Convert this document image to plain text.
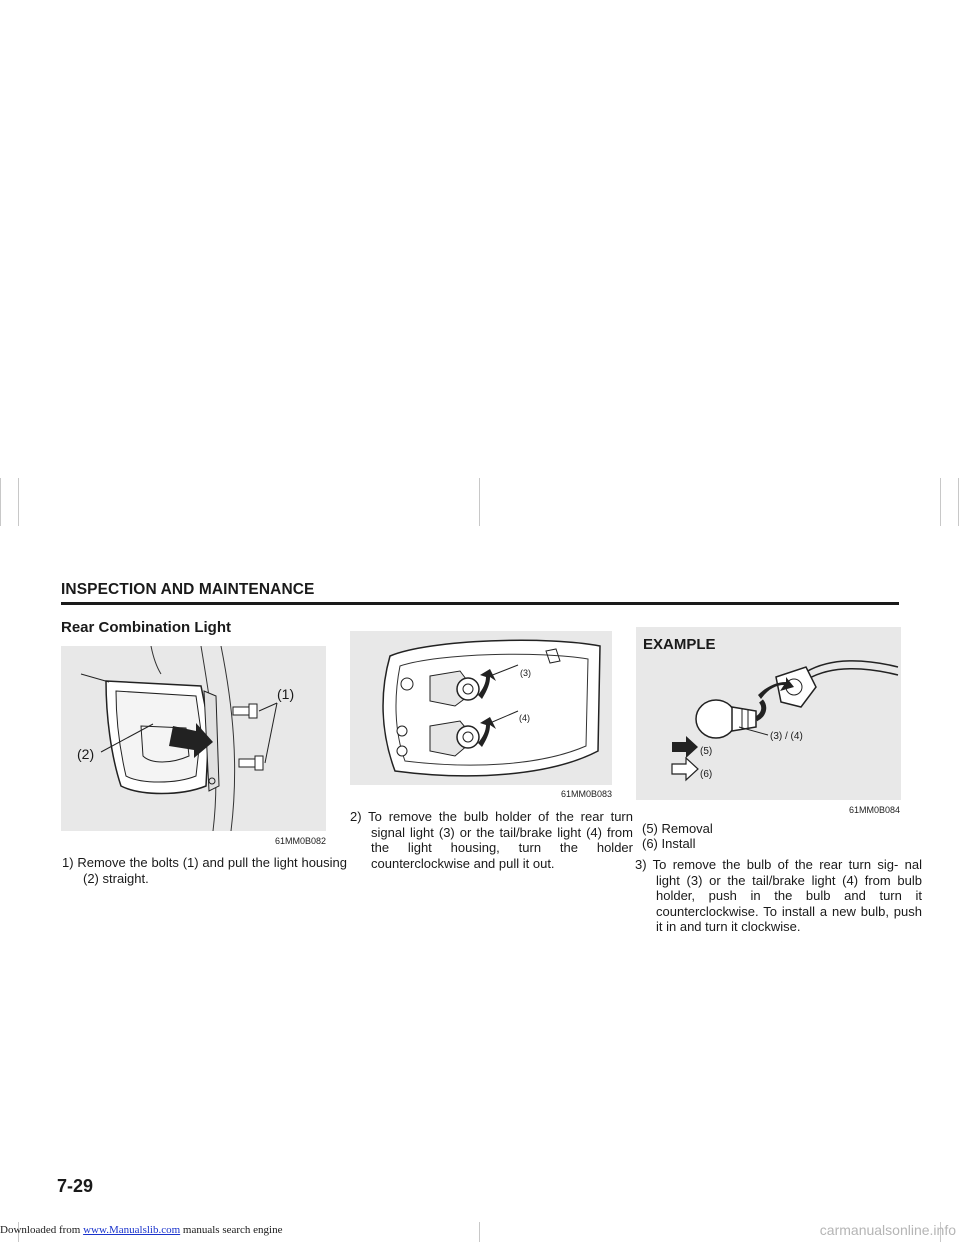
INSPECTION AND MAINTENANCE
Rear Combination Light
(1)
(2)
61MM0B082
(3)
(4)
61MM0B083
EXAMPLE
(3) / (4)
(5)
(6)
61MM0B084
1) Remove the bolts (1) and pull the light housing (2) straight.
2) To remove the bulb holder of the rear turn signal light (3) or the tail/brake light (4) from the light housing, turn the holder counterclockwise and pull it out.
(5) Removal
(6) Install
3) To remove the bulb of the rear turn sig- nal light (3) or the tail/brake light (4) from bulb holder, push in the bulb and turn it counterclockwise. To install a new bulb, push it in and turn it clockwise.
7-29
Downloaded from www.Manualslib.com manuals search engine	carmanualsonline.info
